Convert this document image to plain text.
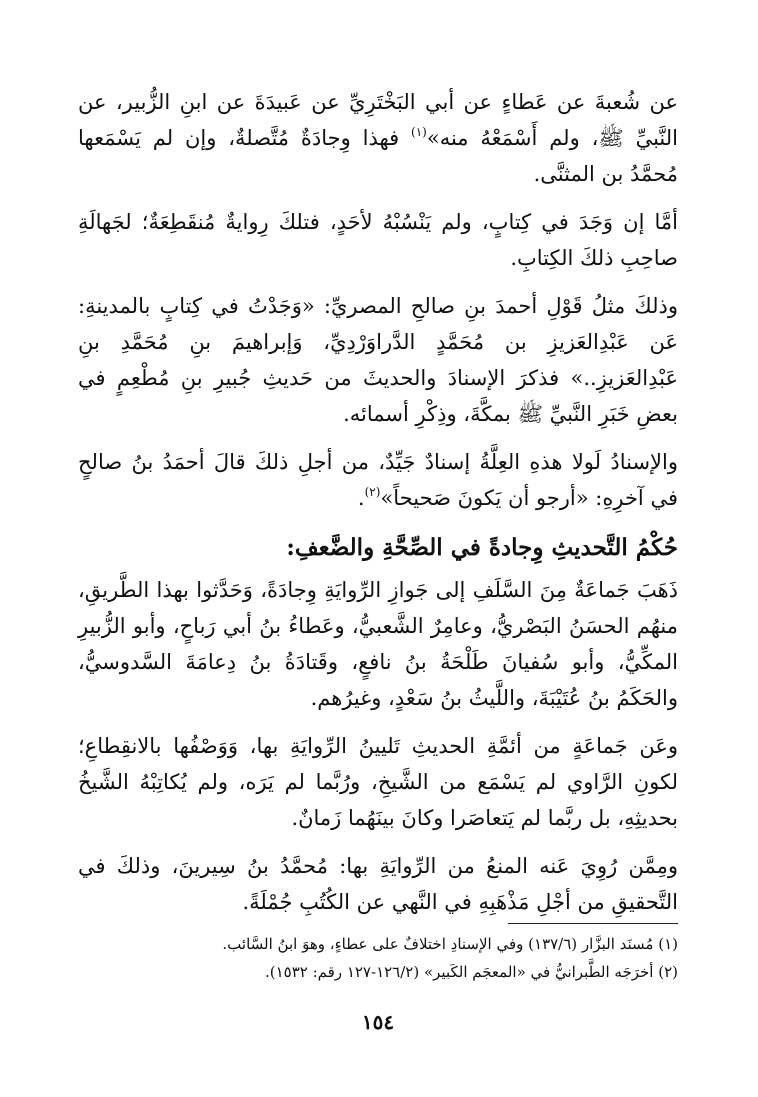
عن شُعبةَ عن عَطاءٍ عن أبي البَخْتَرِيِّ عن عَبيدَةَ عن ابنِ الزُّبير، عن النَّبيِّ ﷺ، ولم أَسْمَعْهُ منه»$^{(١)}$ فهذا وِجادَةٌ مُتَّصلةٌ، وإن لم يَسْمَعها مُحمَّدُ بن المثنَّى.

أمَّا إن وَجَدَ في كِتابٍ، ولم يَنْسُبْهُ لأحَدٍ، فتلكَ رِوايةٌ مُنقَطِعَةٌ؛ لجَهالَةِ صاحِبِ ذلكَ الكِتابِ.

وذلكَ مثلُ قَوْلِ أحمدَ بنِ صالحِ المصريِّ: «وَجَدْتُ في كِتابٍ بالمدينةِ: عَن عَبْدِالعَزيزِ بن مُحَمَّدٍ الدَّراوَرْدِيِّ، وَإبراهيمَ بنِ مُحَمَّدِ بنِ عَبْدِالعَزيزِ..» فذكرَ الإسنادَ والحديثَ من حَديثِ جُبيرِ بنِ مُطْعِمٍ في بعضِ خَبَرِ النَّبيِّ ﷺ بمكَّةَ، وذِكْرِ أسمائه.

والإسنادُ لَولا هذهِ العِلَّةُ إسنادٌ جَيِّدٌ، من أجلِ ذلكَ قالَ أحمَدُ بنُ صالحٍ في آخرِهِ: «أرجو أن يَكونَ صَحيحاً»$^{(٢)}$.

حُكْمُ التَّحديثِ وِجادةً في الصِّحَّةِ والضَّعفِ:

ذَهَبَ جَماعَةٌ مِنَ السَّلَفِ إلى جَوازِ الرِّوايَةِ وِجادَةً، وَحَدَّثوا بهذا الطَّريقِ، منهُم الحسَنُ البَصْريُّ، وعامِرٌ الشَّعبيُّ، وعَطاءُ بنُ أبي رَباحٍ، وأبو الزُّبيرِ المكِّيُّ، وأبو سُفيانَ طَلْحَةُ بنُ نافعٍ، وقَتادَةُ بنُ دِعامَةَ السَّدوسيُّ، والحَكَمُ بنُ عُتَيْبَةَ، واللَّيثُ بنُ سَعْدٍ، وغيرُهم.

وعَن جَماعَةٍ من أئمَّةِ الحديثِ تَليينُ الرِّوايَةِ بها، وَوَصْفُها بالانقِطاعِ؛ لكونِ الرَّاوي لم يَسْمَع من الشَّيخِ، ورُبَّما لم يَرَه، ولم يُكاتِبْهُ الشَّيخُ بحديثِهِ، بل ربَّما لم يَتعاصَرا وكانَ بينَهُما زَمانٌ.

ومِمَّن رُوِيَ عَنه المنعُ من الرِّوايَةِ بها: مُحمَّدُ بنُ سِيرينَ، وذلكَ في التَّحقيقِ من أجْلِ مَذْهَبِهِ في النَّهي عن الكُتُبِ جُمْلَةً.

(١) مُسنَد البزَّار (١٣٧/٦) وفي الإسنادِ اختلافٌ على عطاءٍ، وهوَ ابنُ السَّائب.

(٢) أخرَجَه الطَّبرانيُّ في «المعجَم الكَبير» (١٢٦/٢-١٢٧ رقم: ١٥٣٢).

١٥٤
